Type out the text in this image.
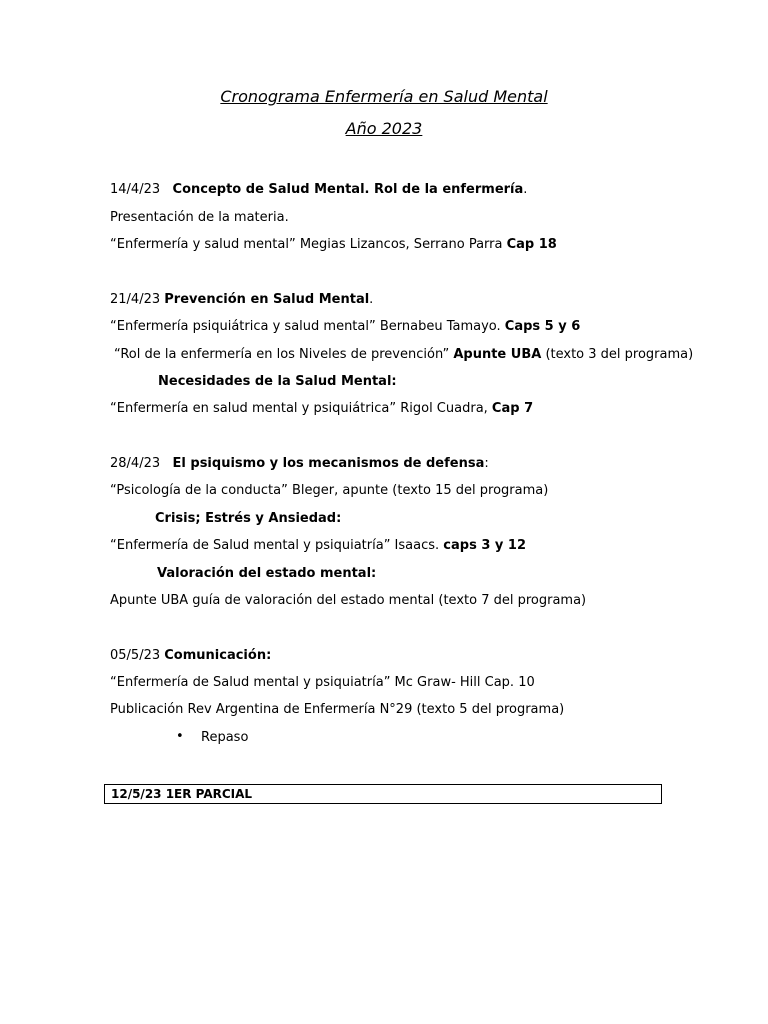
Cronograma Enfermería en Salud Mental
Año 2023
14/4/23 Concepto de Salud Mental. Rol de la enfermería.
Presentación de la materia.
“Enfermería y salud mental” Megias Lizancos, Serrano Parra Cap 18
21/4/23 Prevención en Salud Mental.
“Enfermería psiquiátrica y salud mental” Bernabeu Tamayo. Caps 5 y 6
“Rol de la enfermería en los Niveles de prevención” Apunte UBA (texto 3 del programa)
Necesidades de la Salud Mental:
“Enfermería en salud mental y psiquiátrica” Rigol Cuadra, Cap 7
28/4/23 El psiquismo y los mecanismos de defensa:
“Psicología de la conducta” Bleger, apunte (texto 15 del programa)
Crisis; Estrés y Ansiedad:
“Enfermería de Salud mental y psiquiatría” Isaacs. caps 3 y 12
Valoración del estado mental:
Apunte UBA guía de valoración del estado mental (texto 7 del programa)
05/5/23 Comunicación:
“Enfermería de Salud mental y psiquiatría” Mc Graw- Hill Cap. 10
Publicación Rev Argentina de Enfermería N°29 (texto 5 del programa)
• Repaso
12/5/23 1ER PARCIAL
